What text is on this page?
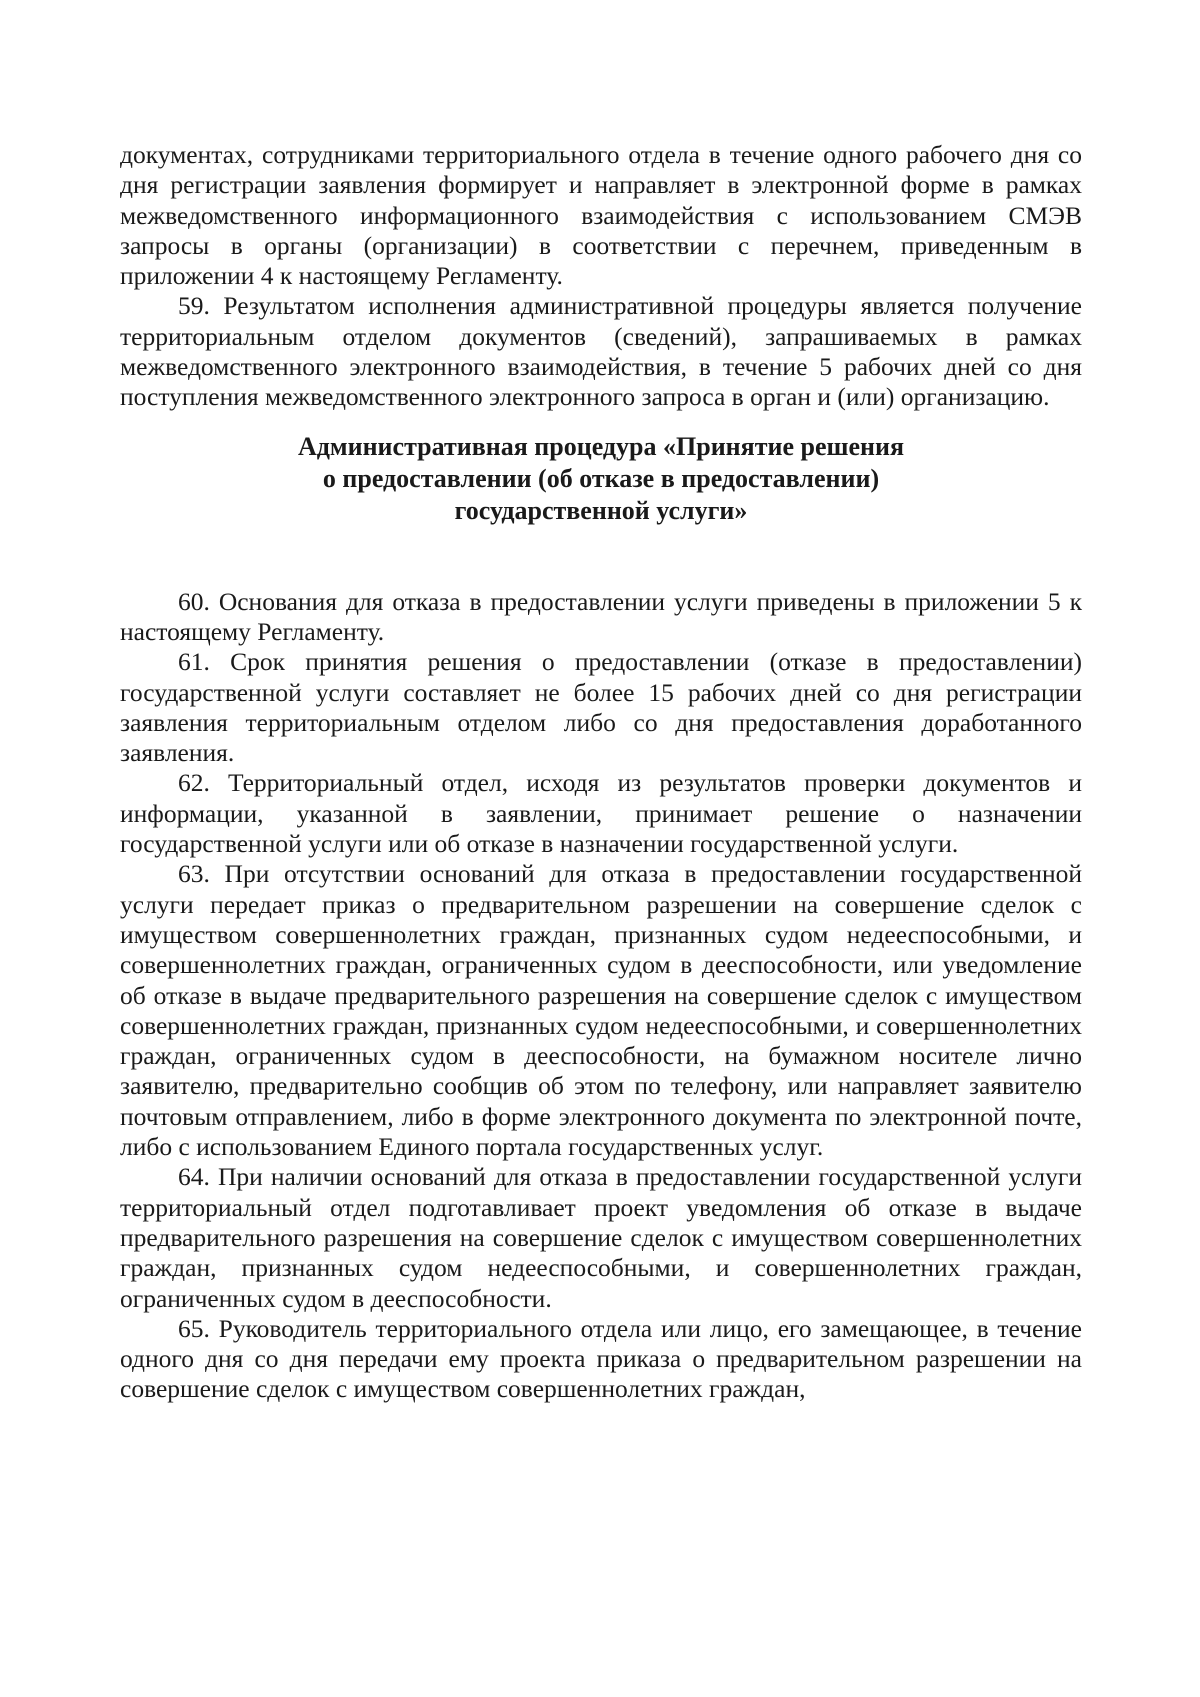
документах, сотрудниками территориального отдела в течение одного рабочего дня со дня регистрации заявления формирует и направляет в электронной форме в рамках межведомственного информационного взаимодействия с использованием СМЭВ запросы в органы (организации) в соответствии с перечнем, приведенным в приложении 4 к настоящему Регламенту.

59. Результатом исполнения административной процедуры является получение территориальным отделом документов (сведений), запрашиваемых в рамках межведомственного электронного взаимодействия, в течение 5 рабочих дней со дня поступления межведомственного электронного запроса в орган и (или) организацию.

Административная процедура «Принятие решения
о предоставлении (об отказе в предоставлении)
государственной услуги»

60. Основания для отказа в предоставлении услуги приведены в приложении 5 к настоящему Регламенту.

61. Срок принятия решения о предоставлении (отказе в предоставлении) государственной услуги составляет не более 15 рабочих дней со дня регистрации заявления территориальным отделом либо со дня предоставления доработанного заявления.

62. Территориальный отдел, исходя из результатов проверки документов и информации, указанной в заявлении, принимает решение о назначении государственной услуги или об отказе в назначении государственной услуги.

63. При отсутствии оснований для отказа в предоставлении государственной услуги передает приказ о предварительном разрешении на совершение сделок с имуществом совершеннолетних граждан, признанных судом недееспособными, и совершеннолетних граждан, ограниченных судом в дееспособности, или уведомление об отказе в выдаче предварительного разрешения на совершение сделок с имуществом совершеннолетних граждан, признанных судом недееспособными, и совершеннолетних граждан, ограниченных судом в дееспособности, на бумажном носителе лично заявителю, предварительно сообщив об этом по телефону, или направляет заявителю почтовым отправлением, либо в форме электронного документа по электронной почте, либо с использованием Единого портала государственных услуг.

64. При наличии оснований для отказа в предоставлении государственной услуги территориальный отдел подготавливает проект уведомления об отказе в выдаче предварительного разрешения на совершение сделок с имуществом совершеннолетних граждан, признанных судом недееспособными, и совершеннолетних граждан, ограниченных судом в дееспособности.

65. Руководитель территориального отдела или лицо, его замещающее, в течение одного дня со дня передачи ему проекта приказа о предварительном разрешении на совершение сделок с имуществом совершеннолетних граждан,
